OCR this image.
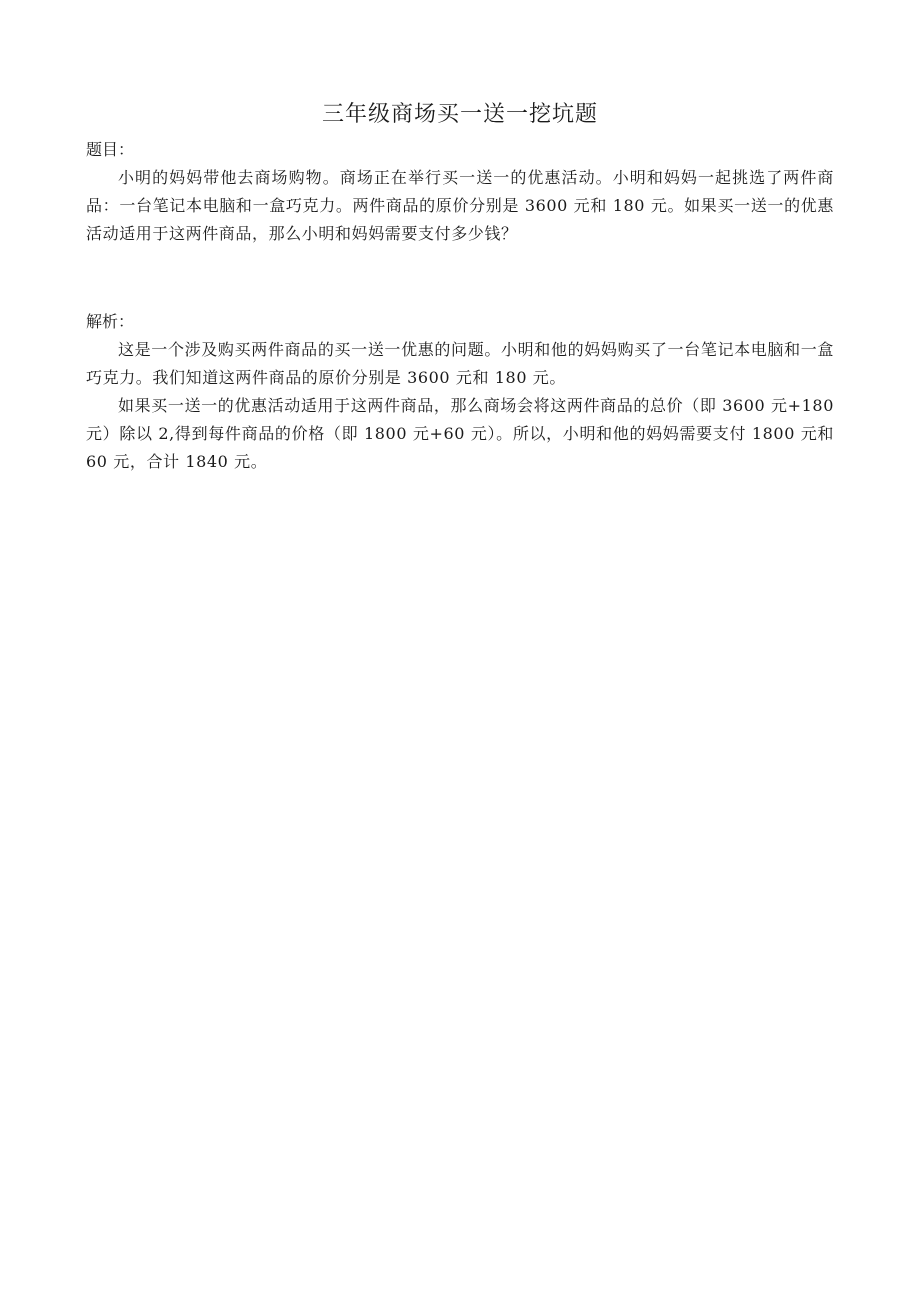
三年级商场买一送一挖坑题

题目：

小明的妈妈带他去商场购物。商场正在举行买一送一的优惠活动。小明和妈妈一起挑选了两件商品：一台笔记本电脑和一盒巧克力。两件商品的原价分别是 3600 元和 180 元。如果买一送一的优惠活动适用于这两件商品，那么小明和妈妈需要支付多少钱？

解析：

这是一个涉及购买两件商品的买一送一优惠的问题。小明和他的妈妈购买了一台笔记本电脑和一盒巧克力。我们知道这两件商品的原价分别是 3600 元和 180 元。

如果买一送一的优惠活动适用于这两件商品，那么商场会将这两件商品的总价（即 3600 元+180 元）除以 2,得到每件商品的价格（即 1800 元+60 元）。所以，小明和他的妈妈需要支付 1800 元和 60 元，合计 1840 元。
